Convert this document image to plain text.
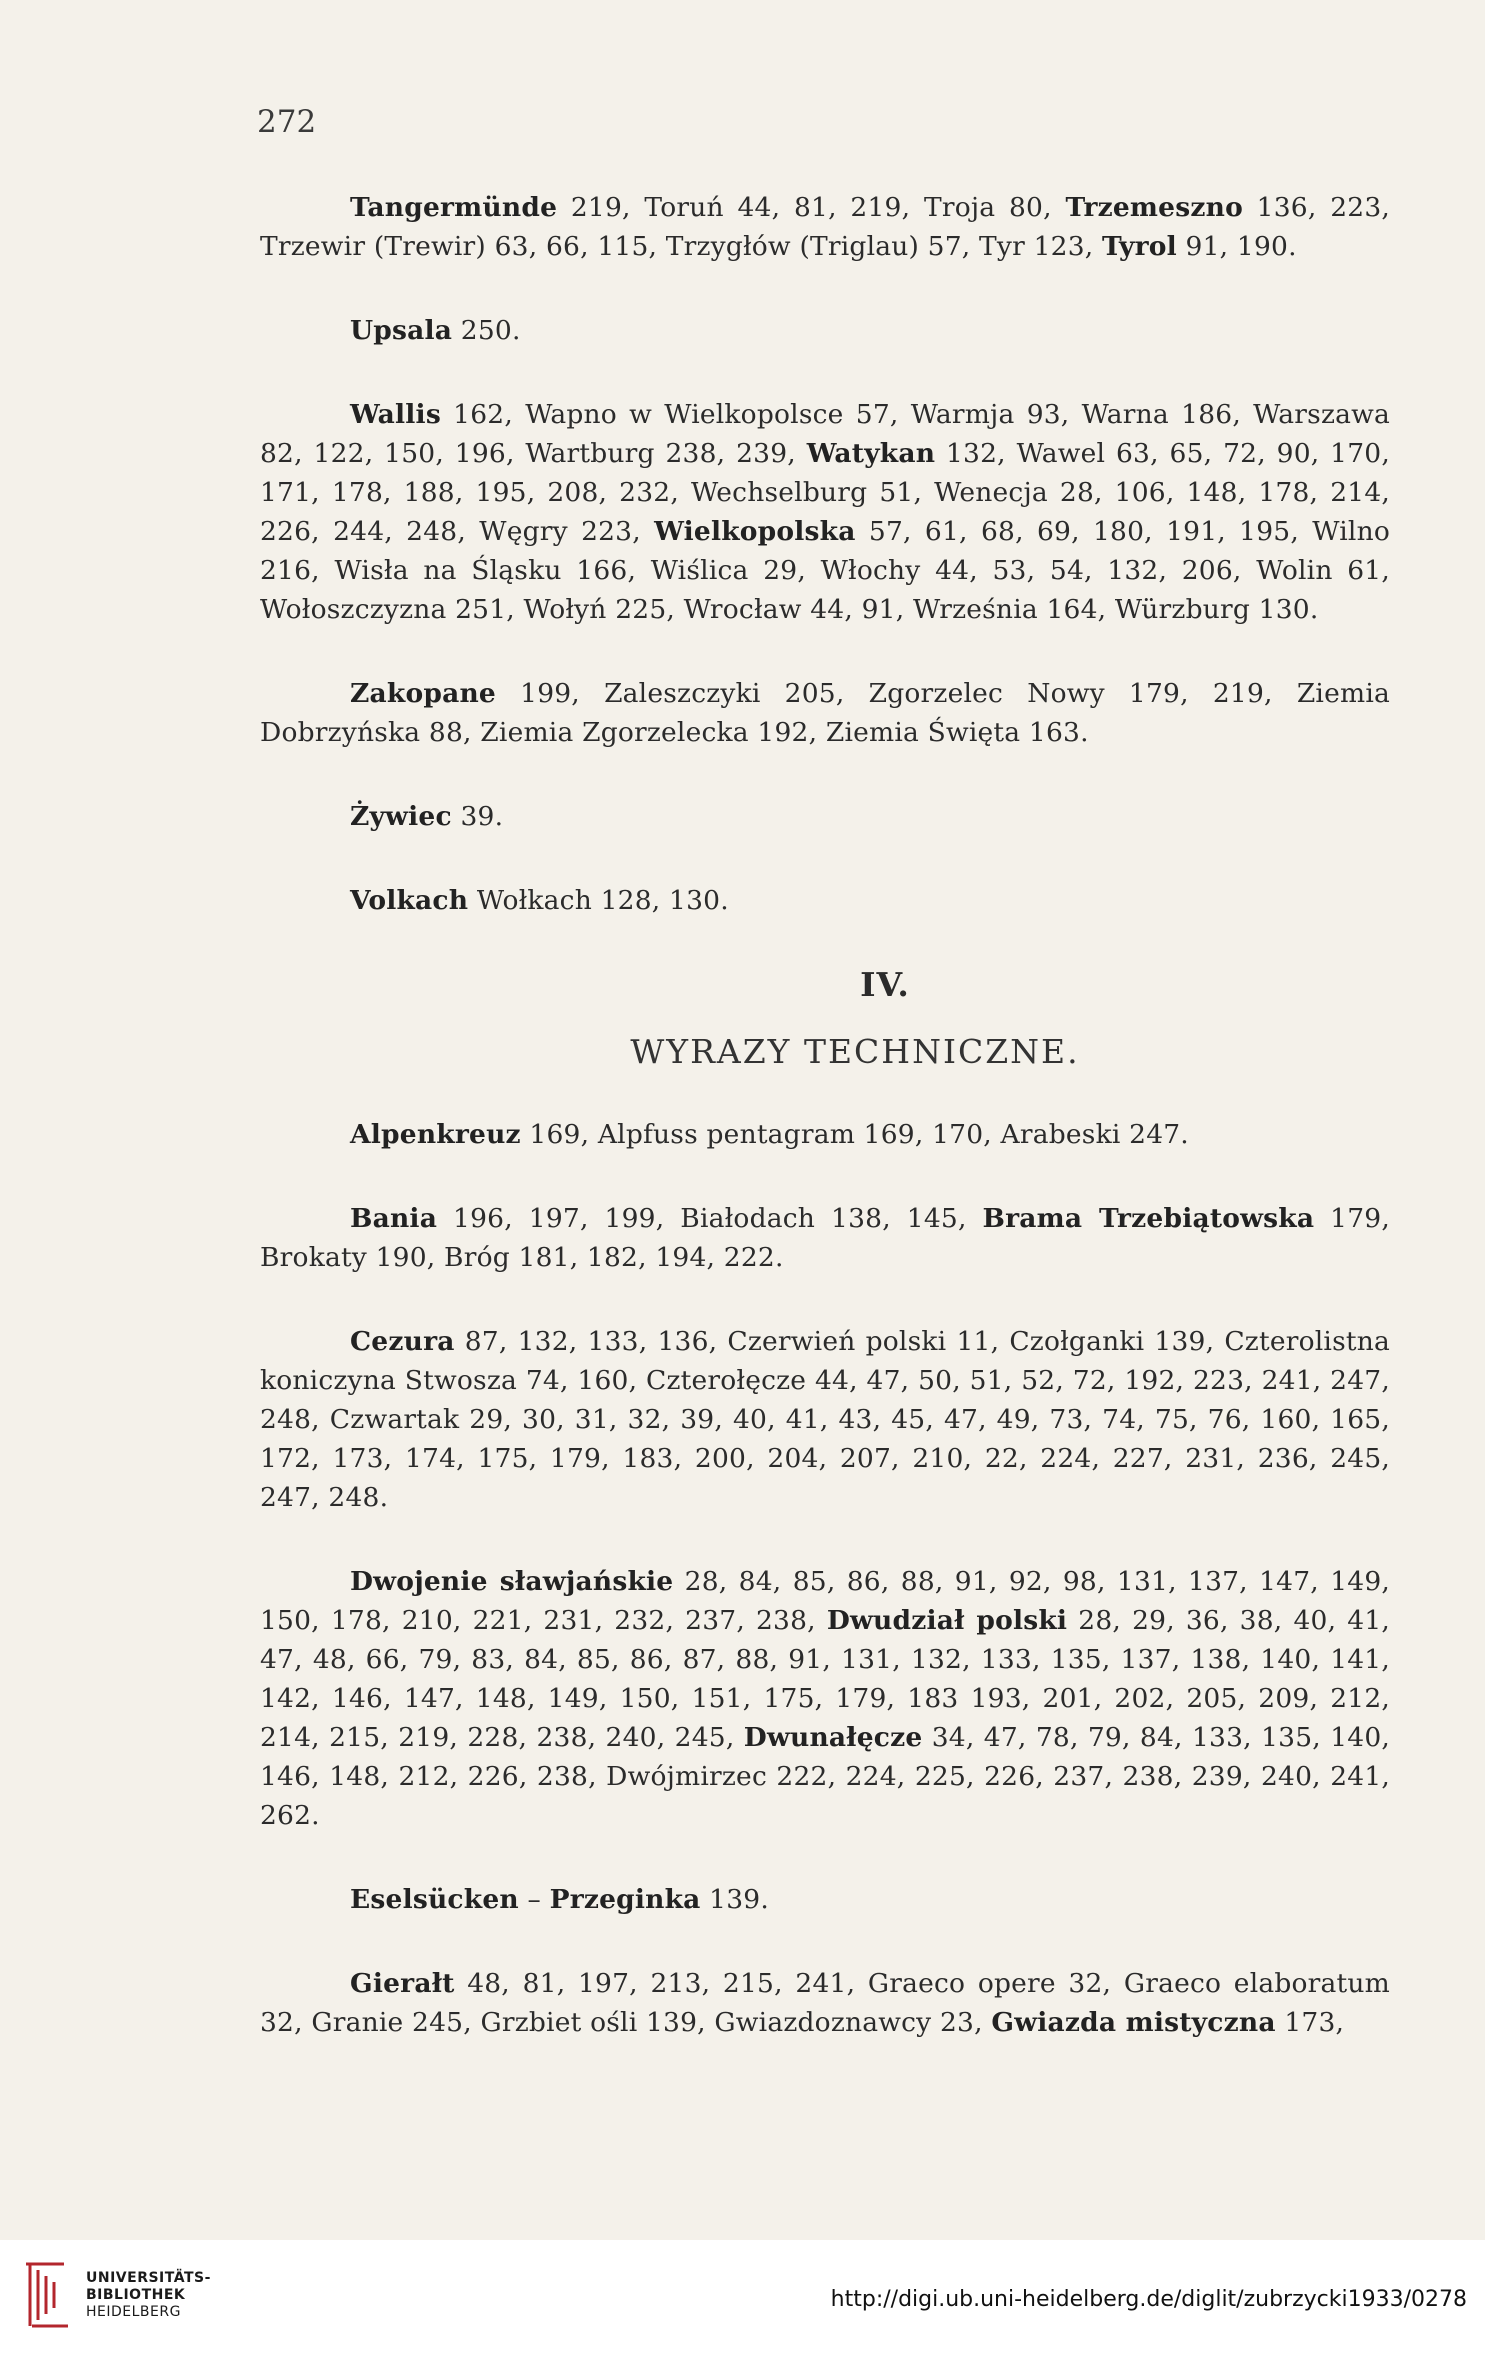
272

Tangermünde 219, Toruń 44, 81, 219, Troja 80, Trzemeszno 136, 223, Trzewir (Trewir) 63, 66, 115, Trzygłów (Triglau) 57, Tyr 123, Tyrol 91, 190.

Upsala 250.

Wallis 162, Wapno w Wielkopolsce 57, Warmja 93, Warna 186, Warszawa 82, 122, 150, 196, Wartburg 238, 239, Watykan 132, Wawel 63, 65, 72, 90, 170, 171, 178, 188, 195, 208, 232, Wechselburg 51, Wenecja 28, 106, 148, 178, 214, 226, 244, 248, Węgry 223, Wielkopolska 57, 61, 68, 69, 180, 191, 195, Wilno 216, Wisła na Śląsku 166, Wiślica 29, Włochy 44, 53, 54, 132, 206, Wolin 61, Wołoszczyzna 251, Wołyń 225, Wrocław 44, 91, Września 164, Würzburg 130.

Zakopane 199, Zaleszczyki 205, Zgorzelec Nowy 179, 219, Ziemia Dobrzyńska 88, Ziemia Zgorzelecka 192, Ziemia Święta 163.

Żywiec 39.

Volkach Wołkach 128, 130.

IV.
WYRAZY TECHNICZNE.

Alpenkreuz 169, Alpfuss pentagram 169, 170, Arabeski 247.

Bania 196, 197, 199, Białodach 138, 145, Brama Trzebiątowska 179, Brokaty 190, Bróg 181, 182, 194, 222.

Cezura 87, 132, 133, 136, Czerwień polski 11, Czołganki 139, Czterolistna koniczyna Stwosza 74, 160, Czterołęcze 44, 47, 50, 51, 52, 72, 192, 223, 241, 247, 248, Czwartak 29, 30, 31, 32, 39, 40, 41, 43, 45, 47, 49, 73, 74, 75, 76, 160, 165, 172, 173, 174, 175, 179, 183, 200, 204, 207, 210, 22, 224, 227, 231, 236, 245, 247, 248.

Dwojenie sławjańskie 28, 84, 85, 86, 88, 91, 92, 98, 131, 137, 147, 149, 150, 178, 210, 221, 231, 232, 237, 238, Dwudział polski 28, 29, 36, 38, 40, 41, 47, 48, 66, 79, 83, 84, 85, 86, 87, 88, 91, 131, 132, 133, 135, 137, 138, 140, 141, 142, 146, 147, 148, 149, 150, 151, 175, 179, 183 193, 201, 202, 205, 209, 212, 214, 215, 219, 228, 238, 240, 245, Dwunałęcze 34, 47, 78, 79, 84, 133, 135, 140, 146, 148, 212, 226, 238, Dwójmirzec 222, 224, 225, 226, 237, 238, 239, 240, 241, 262.

Eselsücken – Przeginka 139.

Gierałt 48, 81, 197, 213, 215, 241, Graeco opere 32, Graeco elaboratum 32, Granie 245, Grzbiet ośli 139, Gwiazdoznawcy 23, Gwiazda mistyczna 173,

UNIVERSITÄTS-
BIBLIOTHEK
HEIDELBERG	http://digi.ub.uni-heidelberg.de/diglit/zubrzycki1933/0278
